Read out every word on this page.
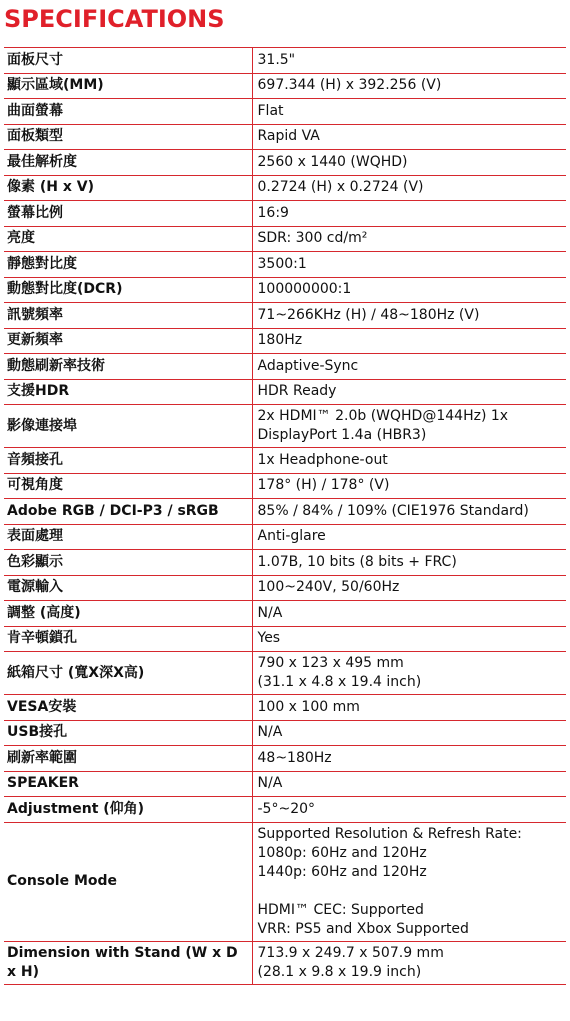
SPECIFICATIONS
面板尺寸	31.5"
顯示區域(MM)	697.344 (H) x 392.256 (V)
曲面螢幕	Flat
面板類型	Rapid VA
最佳解析度	2560 x 1440 (WQHD)
像素 (H x V)	0.2724 (H) x 0.2724 (V)
螢幕比例	16:9
亮度	SDR: 300 cd/m²
靜態對比度	3500:1
動態對比度(DCR)	100000000:1
訊號頻率	71~266KHz (H) / 48~180Hz (V)
更新頻率	180Hz
動態刷新率技術	Adaptive-Sync
支援HDR	HDR Ready
影像連接埠	2x HDMI™ 2.0b (WQHD@144Hz) 1x
DisplayPort 1.4a (HBR3)
音頻接孔	1x Headphone-out
可視角度	178° (H) / 178° (V)
Adobe RGB / DCI-P3 / sRGB	85% / 84% / 109% (CIE1976 Standard)
表面處理	Anti-glare
色彩顯示	1.07B, 10 bits (8 bits + FRC)
電源輸入	100~240V, 50/60Hz
調整 (高度)	N/A
肯辛頓鎖孔	Yes
紙箱尺寸 (寬X深X高)	790 x 123 x 495 mm
(31.1 x 4.8 x 19.4 inch)
VESA安裝	100 x 100 mm
USB接孔	N/A
刷新率範圍	48~180Hz
SPEAKER	N/A
Adjustment (仰角)	-5°~20°
Console Mode	Supported Resolution & Refresh Rate:
1080p: 60Hz and 120Hz
1440p: 60Hz and 120Hz

HDMI™ CEC: Supported
VRR: PS5 and Xbox Supported
Dimension with Stand (W x D x H)	713.9 x 249.7 x 507.9 mm
(28.1 x 9.8 x 19.9 inch)
